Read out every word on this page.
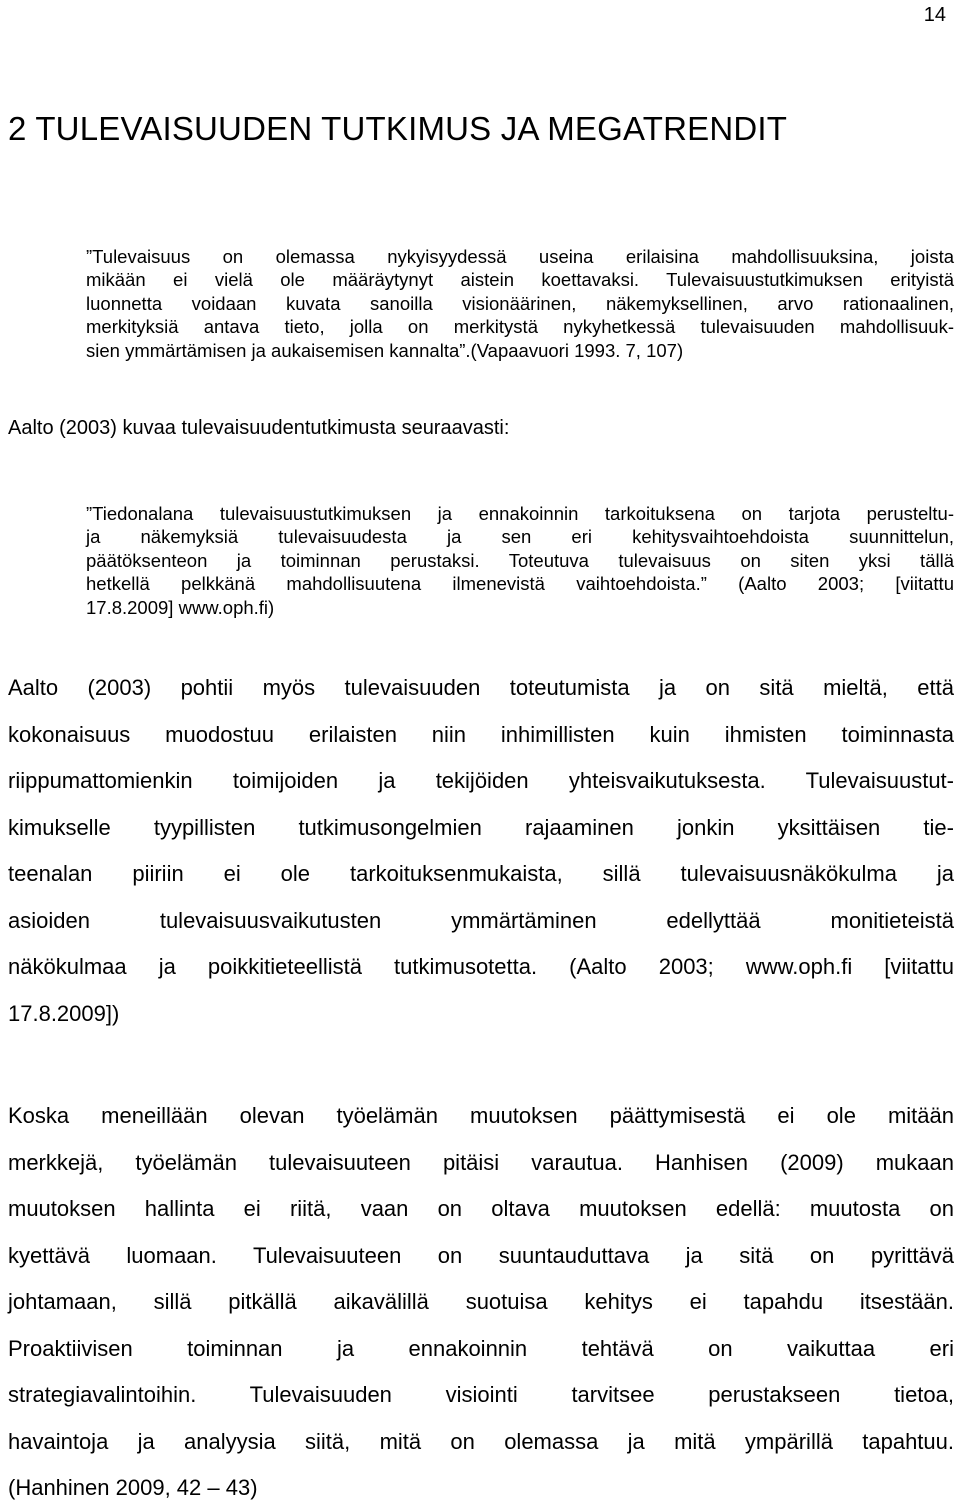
14
2 TULEVAISUUDEN TUTKIMUS JA MEGATRENDIT
”Tulevaisuus on olemassa nykyisyydessä useina erilaisina mahdollisuuksina, joista
mikään ei vielä ole määräytynyt aistein koettavaksi. Tulevaisuustutkimuksen erityistä
luonnetta voidaan kuvata sanoilla visionäärinen, näkemyksellinen, arvo rationaalinen,
merkityksiä antava tieto, jolla on merkitystä nykyhetkessä tulevaisuuden mahdollisuuk-
sien ymmärtämisen ja aukaisemisen kannalta”.(Vapaavuori 1993. 7, 107)

Aalto (2003) kuvaa tulevaisuudentutkimusta seuraavasti:

”Tiedonalana tulevaisuustutkimuksen ja ennakoinnin tarkoituksena on tarjota perusteltu-
ja näkemyksiä tulevaisuudesta ja sen eri kehitysvaihtoehdoista suunnittelun,
päätöksenteon ja toiminnan perustaksi. Toteutuva tulevaisuus on siten yksi tällä
hetkellä pelkkänä mahdollisuutena ilmenevistä vaihtoehdoista.” (Aalto 2003; [viitattu
17.8.2009] www.oph.fi)
Aalto (2003) pohtii myös tulevaisuuden toteutumista ja on sitä mieltä, että
kokonaisuus muodostuu erilaisten niin inhimillisten kuin ihmisten toiminnasta
riippumattomienkin toimijoiden ja tekijöiden yhteisvaikutuksesta. Tulevaisuustut-
kimukselle tyypillisten tutkimusongelmien rajaaminen jonkin yksittäisen tie-
teenalan piiriin ei ole tarkoituksenmukaista, sillä tulevaisuusnäkökulma ja
asioiden tulevaisuusvaikutusten ymmärtäminen edellyttää monitieteistä
näkökulmaa ja poikkitieteellistä tutkimusotetta. (Aalto 2003; www.oph.fi [viitattu
17.8.2009])
Koska meneillään olevan työelämän muutoksen päättymisestä ei ole mitään
merkkejä, työelämän tulevaisuuteen pitäisi varautua. Hanhisen (2009) mukaan
muutoksen hallinta ei riitä, vaan on oltava muutoksen edellä: muutosta on
kyettävä luomaan. Tulevaisuuteen on suuntauduttava ja sitä on pyrittävä
johtamaan, sillä pitkällä aikavälillä suotuisa kehitys ei tapahdu itsestään.
Proaktiivisen toiminnan ja ennakoinnin tehtävä on vaikuttaa eri
strategiavalintoihin. Tulevaisuuden visiointi tarvitsee perustakseen tietoa,
havaintoja ja analyysia siitä, mitä on olemassa ja mitä ympärillä tapahtuu.
(Hanhinen 2009, 42 – 43)
